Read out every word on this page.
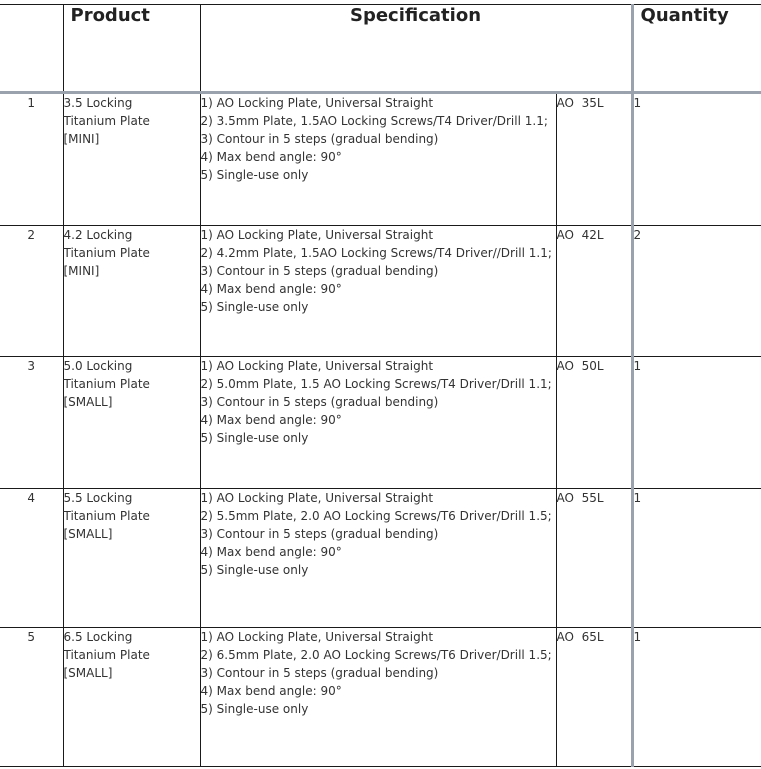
	Product	Specification		Quantity
1	3.5 Locking
Titanium Plate
[MINI]	1) AO Locking Plate, Universal Straight
2) 3.5mm Plate, 1.5AO Locking Screws/T4 Driver/Drill 1.1;
3) Contour in 5 steps (gradual bending)
4) Max bend angle: 90°
5) Single-use only	AO  35L	1
2	4.2 Locking
Titanium Plate
[MINI]	1) AO Locking Plate, Universal Straight
2) 4.2mm Plate, 1.5AO Locking Screws/T4 Driver//Drill 1.1;
3) Contour in 5 steps (gradual bending)
4) Max bend angle: 90°
5) Single-use only	AO  42L	2
3	5.0 Locking
Titanium Plate
[SMALL]	1) AO Locking Plate, Universal Straight
2) 5.0mm Plate, 1.5 AO Locking Screws/T4 Driver/Drill 1.1;
3) Contour in 5 steps (gradual bending)
4) Max bend angle: 90°
5) Single-use only	AO  50L	1
4	5.5 Locking
Titanium Plate
[SMALL]	1) AO Locking Plate, Universal Straight
2) 5.5mm Plate, 2.0 AO Locking Screws/T6 Driver/Drill 1.5;
3) Contour in 5 steps (gradual bending)
4) Max bend angle: 90°
5) Single-use only	AO  55L	1
5	6.5 Locking
Titanium Plate
[SMALL]	1) AO Locking Plate, Universal Straight
2) 6.5mm Plate, 2.0 AO Locking Screws/T6 Driver/Drill 1.5;
3) Contour in 5 steps (gradual bending)
4) Max bend angle: 90°
5) Single-use only	AO  65L	1
